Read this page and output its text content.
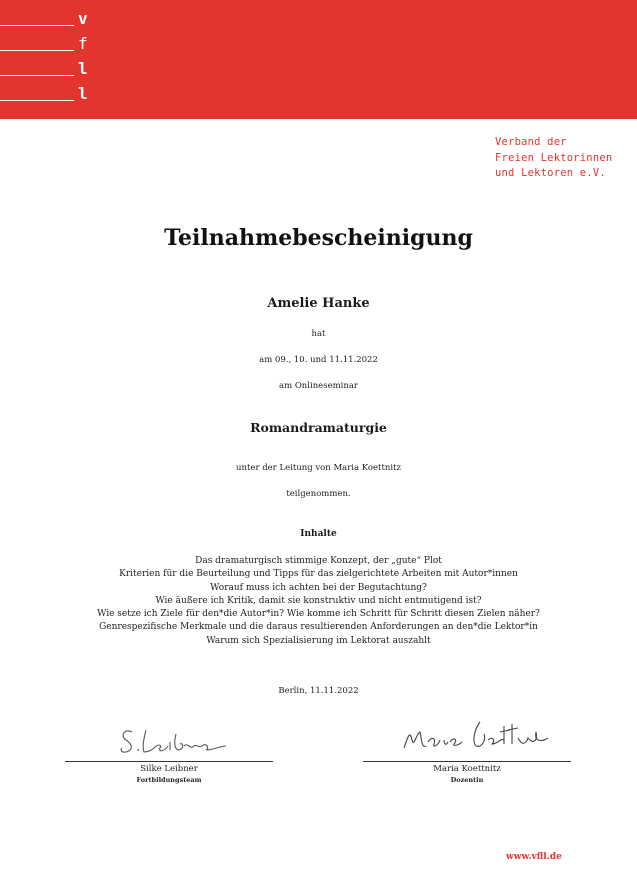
v
f
l
l
Verband der
Freien Lektorinnen
und Lektoren e.V.
Teilnahmebescheinigung
Amelie Hanke
hat
am 09., 10. und 11.11.2022
am Onlineseminar
Romandramaturgie
unter der Leitung von Maria Koettnitz
teilgenommen.
Inhalte
Das dramaturgisch stimmige Konzept, der „gute“ Plot
Kriterien für die Beurteilung und Tipps für das zielgerichtete Arbeiten mit Autor*innen
Worauf muss ich achten bei der Begutachtung?
Wie äußere ich Kritik, damit sie konstruktiv und nicht entmutigend ist?
Wie setze ich Ziele für den*die Autor*in? Wie komme ich Schritt für Schritt diesen Zielen näher?
Genrespezifische Merkmale und die daraus resultierenden Anforderungen an den*die Lektor*in
Warum sich Spezialisierung im Lektorat auszahlt
Berlin, 11.11.2022
Silke Leibner
Fortbildungsteam
Maria Koettnitz
Dozentin
www.vfll.de
